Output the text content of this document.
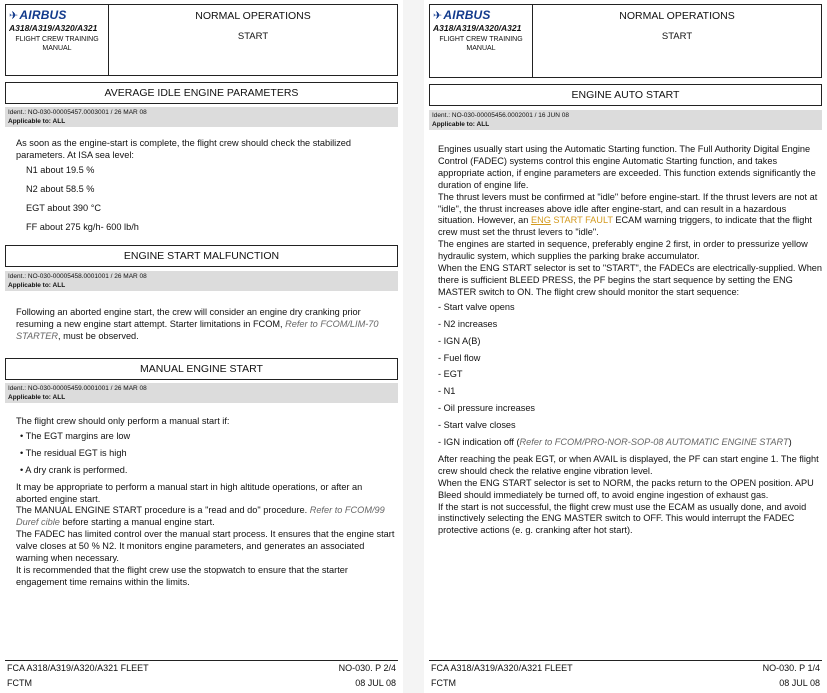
✈ AIRBUS
A318/A319/A320/A321
FLIGHT CREW TRAINING
MANUAL
NORMAL OPERATIONS
START
AVERAGE IDLE ENGINE PARAMETERS
Ident.: NO-030-00005457.0003001 / 26 MAR 08
Applicable to: ALL

As soon as the engine-start is complete, the flight crew should check the stabilized parameters. At ISA sea level:

N1 about 19.5 %
N2 about 58.5 %
EGT about 390 °C
FF about 275 kg/h- 600 lb/h
ENGINE START MALFUNCTION
Ident.: NO-030-00005458.0001001 / 26 MAR 08
Applicable to: ALL

Following an aborted engine start, the crew will consider an engine dry cranking prior resuming a new engine start attempt. Starter limitations in FCOM, Refer to FCOM/LIM-70 STARTER, must be observed.

MANUAL ENGINE START
Ident.: NO-030-00005459.0001001 / 26 MAR 08
Applicable to: ALL

The flight crew should only perform a manual start if:

• The EGT margins are low
• The residual EGT is high
• A dry crank is performed.

It may be appropriate to perform a manual start in high altitude operations, or after an aborted engine start.

The MANUAL ENGINE START procedure is a "read and do" procedure. Refer to FCOM/99 Duref cible before starting a manual engine start.

The FADEC has limited control over the manual start process. It ensures that the engine start valve closes at 50 % N2. It monitors engine parameters, and generates an associated warning when necessary.

It is recommended that the flight crew use the stopwatch to ensure that the starter engagement time remains within the limits.

FCA A318/A319/A320/A321 FLEET
FCTM
NO-030. P 2/4
08 JUL 08
✈ AIRBUS
A318/A319/A320/A321
FLIGHT CREW TRAINING
MANUAL
NORMAL OPERATIONS
START
ENGINE AUTO START
Ident.: NO-030-00005456.0002001 / 16 JUN 08
Applicable to: ALL

Engines usually start using the Automatic Starting function. The Full Authority Digital Engine Control (FADEC) systems control this engine Automatic Starting function, and takes appropriate action, if engine parameters are exceeded. This function extends significantly the duration of engine life.

The thrust levers must be confirmed at "idle" before engine-start. If the thrust levers are not at "idle", the thrust increases above idle after engine-start, and can result in a hazardous situation. However, an ENG START FAULT ECAM warning triggers, to indicate that the flight crew must set the thrust levers to "idle".

The engines are started in sequence, preferably engine 2 first, in order to pressurize yellow hydraulic system, which supplies the parking brake accumulator.

When the ENG START selector is set to "START", the FADECs are electrically-supplied. When there is sufficient BLEED PRESS, the PF begins the start sequence by setting the ENG MASTER switch to ON. The flight crew should monitor the start sequence:

- Start valve opens
- N2 increases
- IGN A(B)
- Fuel flow
- EGT
- N1
- Oil pressure increases
- Start valve closes
- IGN indication off (Refer to FCOM/PRO-NOR-SOP-08 AUTOMATIC ENGINE START)

After reaching the peak EGT, or when AVAIL is displayed, the PF can start engine 1. The flight crew should check the relative engine vibration level.

When the ENG START selector is set to NORM, the packs return to the OPEN position. APU Bleed should immediately be turned off, to avoid engine ingestion of exhaust gas.

If the start is not successful, the flight crew must use the ECAM as usually done, and avoid instinctively selecting the ENG MASTER switch to OFF. This would interrupt the FADEC protective actions (e. g. cranking after hot start).

FCA A318/A319/A320/A321 FLEET
FCTM
NO-030. P 1/4
08 JUL 08
